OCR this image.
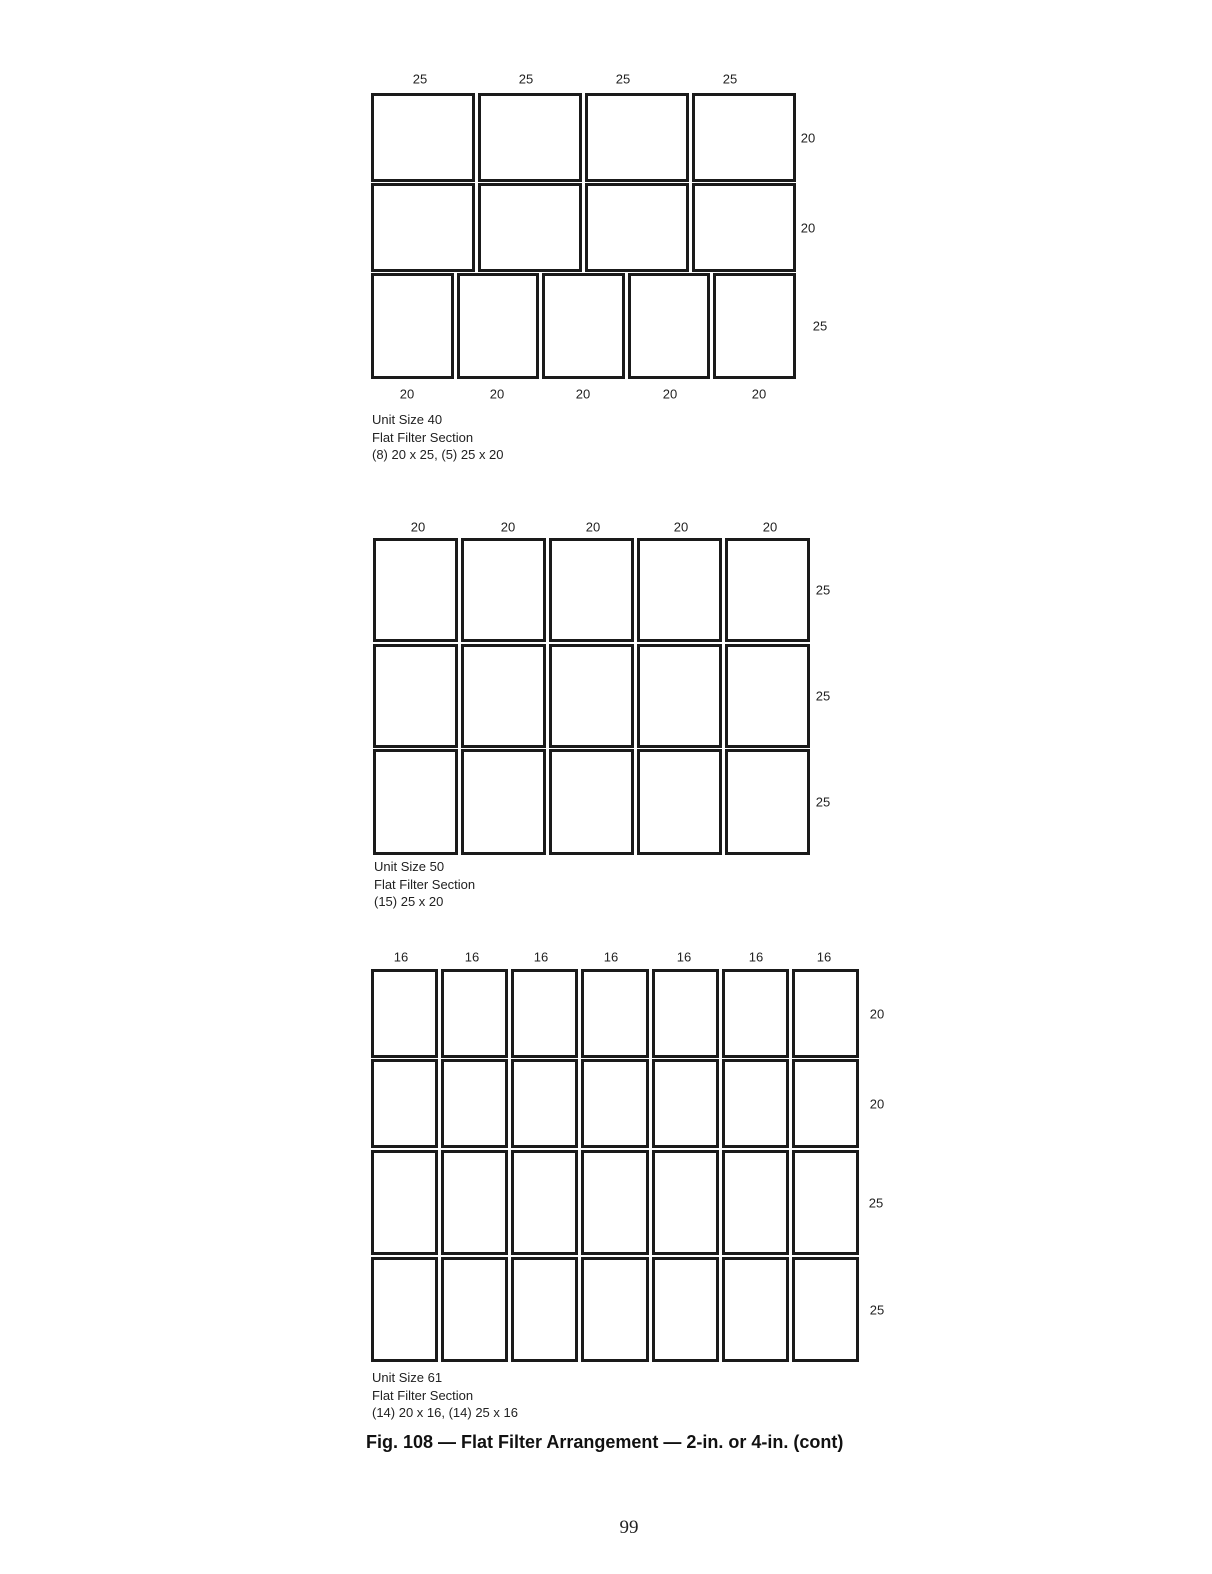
25	25	25	25
20	20	20	20	20
20
20
25
Unit Size 40
Flat Filter Section
(8) 20 x 25, (5) 25 x 20
20	20	20	20	20
25
25
25
Unit Size 50
Flat Filter Section
(15) 25 x 20
16	16	16	16	16	16	16
20
20
25
25
Unit Size 61
Flat Filter Section
(14) 20 x 16, (14) 25 x 16
Fig. 108 — Flat Filter Arrangement — 2-in. or 4-in. (cont)
99
